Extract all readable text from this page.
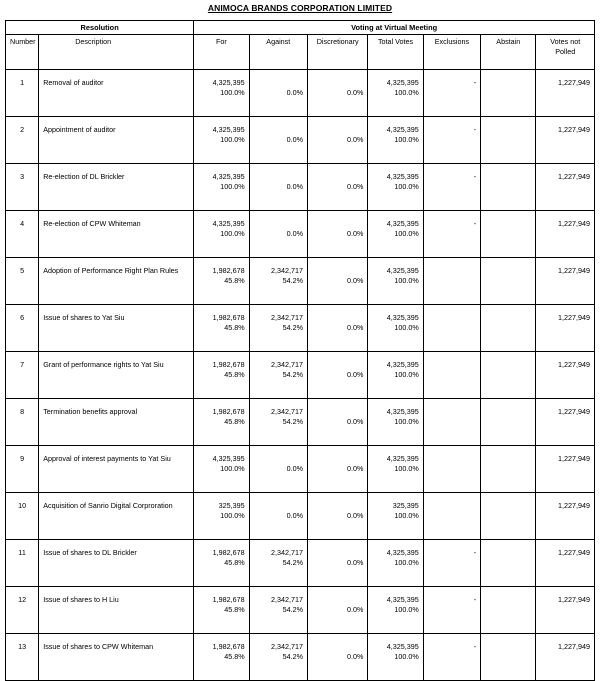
ANIMOCA BRANDS CORPORATION LIMITED
Resolution		Voting at Virtual Meeting						
Number	Description	For	Against	Discretionary	Total Votes	Exclusions	Abstain	Votes not
Polled
1	Removal of auditor	4,325,395
100.0%	0.0%	0.0%	4,325,395
100.0%	-		1,227,949

2	Appointment of auditor	4,325,395
100.0%	0.0%	0.0%	4,325,395
100.0%	-		1,227,949

3	Re-election of DL Brickler	4,325,395
100.0%	0.0%	0.0%	4,325,395
100.0%	-		1,227,949

4	Re-election of CPW Whiteman	4,325,395
100.0%	0.0%	0.0%	4,325,395
100.0%	-		1,227,949

5	Adoption of Performance Right Plan Rules	1,982,678
45.8%	2,342,717
54.2%	0.0%	4,325,395
100.0%			1,227,949

6	Issue of shares to Yat Siu	1,982,678
45.8%	2,342,717
54.2%	0.0%	4,325,395
100.0%			1,227,949

7	Grant of performance rights to Yat Siu	1,982,678
45.8%	2,342,717
54.2%	0.0%	4,325,395
100.0%			1,227,949

8	Termination benefits approval	1,982,678
45.8%	2,342,717
54.2%	0.0%	4,325,395
100.0%			1,227,949

9	Approval of interest payments to Yat Siu	4,325,395
100.0%	0.0%	0.0%	4,325,395
100.0%			1,227,949

10	Acquisition of Sanrio Digital Corproration	325,395
100.0%	0.0%	0.0%	325,395
100.0%			1,227,949

11	Issue of shares to DL Brickler	1,982,678
45.8%	2,342,717
54.2%	0.0%	4,325,395
100.0%	-		1,227,949

12	Issue of shares to H Liu	1,982,678
45.8%	2,342,717
54.2%	0.0%	4,325,395
100.0%	-		1,227,949

13	Issue of shares to CPW Whiteman	1,982,678
45.8%	2,342,717
54.2%	0.0%	4,325,395
100.0%	-		1,227,949
